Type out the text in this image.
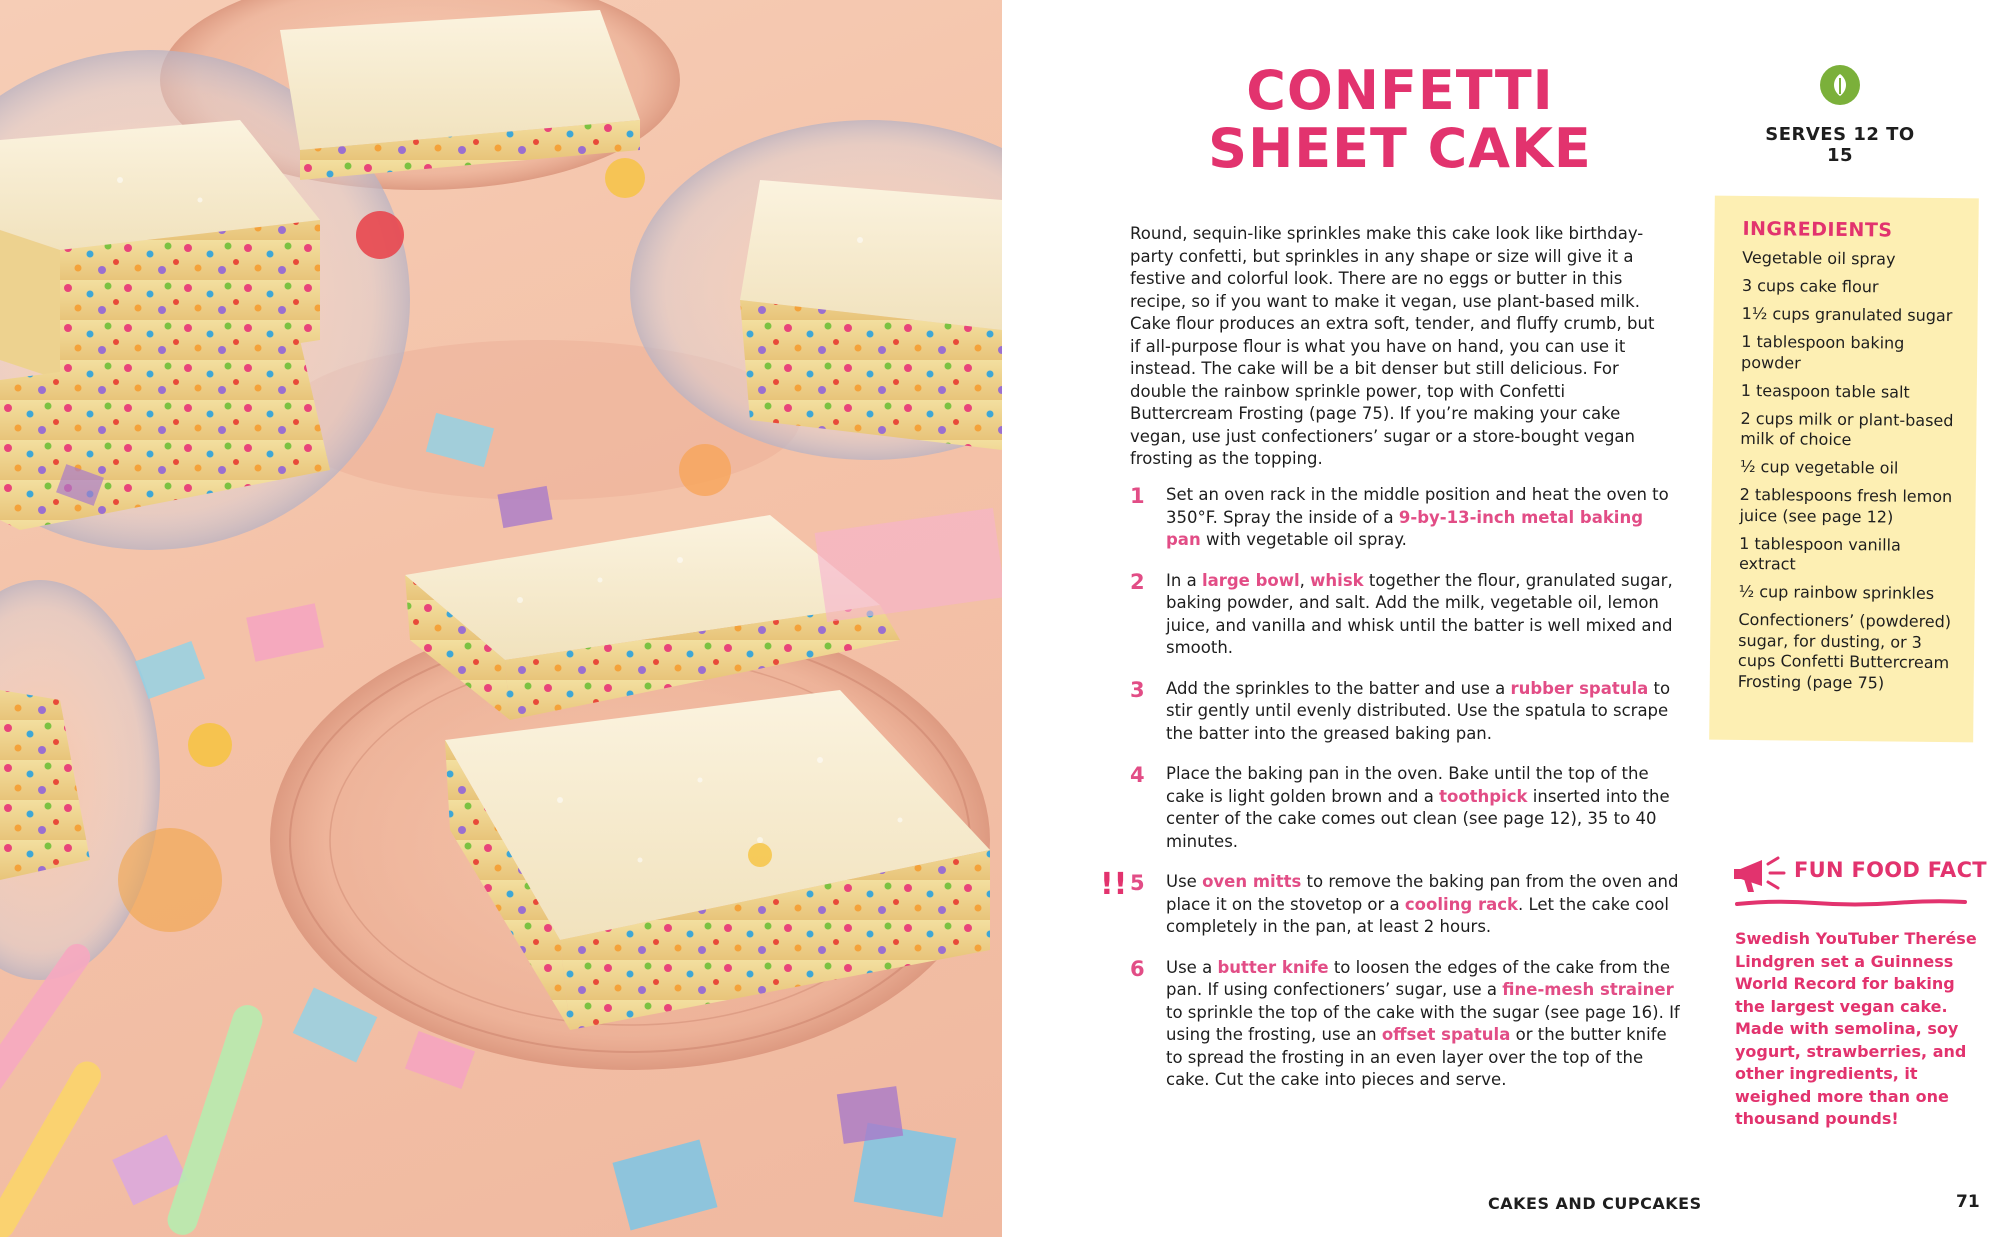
CONFETTI SHEET CAKE	SERVES 12 TO 15
Round, sequin-like sprinkles make this cake look like birthday-party confetti, but sprinkles in any shape or size will give it a festive and colorful look. There are no eggs or butter in this recipe, so if you want to make it vegan, use plant-based milk. Cake flour produces an extra soft, tender, and fluffy crumb, but if all-purpose flour is what you have on hand, you can use it instead. The cake will be a bit denser but still delicious. For double the rainbow sprinkle power, top with Confetti Buttercream Frosting (page 75). If you’re making your cake vegan, use just confectioners’ sugar or a store-bought vegan frosting as the topping.
1	Set an oven rack in the middle position and heat the oven to 350°F. Spray the inside of a 9-by-13-inch metal baking pan with vegetable oil spray.
2	In a large bowl, whisk together the flour, granulated sugar, baking powder, and salt. Add the milk, vegetable oil, lemon juice, and vanilla and whisk until the batter is well mixed and smooth.
3	Add the sprinkles to the batter and use a rubber spatula to stir gently until evenly distributed. Use the spatula to scrape the batter into the greased baking pan.
4	Place the baking pan in the oven. Bake until the top of the cake is light golden brown and a toothpick inserted into the center of the cake comes out clean (see page 12), 35 to 40 minutes.
!! 5	Use oven mitts to remove the baking pan from the oven and place it on the stovetop or a cooling rack. Let the cake cool completely in the pan, at least 2 hours.
6	Use a butter knife to loosen the edges of the cake from the pan. If using confectioners’ sugar, use a fine-mesh strainer to sprinkle the top of the cake with the sugar (see page 16). If using the frosting, use an offset spatula or the butter knife to spread the frosting in an even layer over the top of the cake. Cut the cake into pieces and serve.
INGREDIENTS
Vegetable oil spray
3 cups cake flour
1½ cups granulated sugar
1 tablespoon baking powder
1 teaspoon table salt
2 cups milk or plant-based milk of choice
½ cup vegetable oil
2 tablespoons fresh lemon juice (see page 12)
1 tablespoon vanilla extract
½ cup rainbow sprinkles
Confectioners’ (powdered) sugar, for dusting, or 3 cups Confetti Buttercream Frosting (page 75)
FUN FOOD FACT
Swedish YouTuber Therése Lindgren set a Guinness World Record for baking the largest vegan cake. Made with semolina, soy yogurt, strawberries, and other ingredients, it weighed more than one thousand pounds!
CAKES AND CUPCAKES	71
